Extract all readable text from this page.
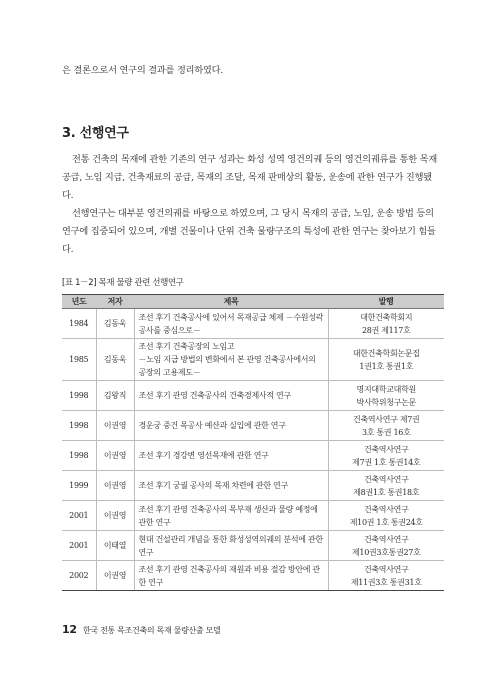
은 결론으로서 연구의 결과를 정리하였다.
3. 선행연구
전통 건축의 목재에 관한 기존의 연구 성과는 화성 성역 영건의궤 등의 영건의궤류를 통한 목재공급, 노임 지급, 건축재료의 공급, 목재의 조달, 목재 판매상의 활동, 운송에 관한 연구가 진행됐다.
선행연구는 대부분 영건의궤를 바탕으로 하였으며, 그 당시 목재의 공급, 노임, 운송 방법 등의 연구에 집중되어 있으며, 개별 건물이나 단위 건축 물량구조의 특성에 관한 연구는 찾아보기 힘들다.
[표 1－2] 목재 물량 관련 선행연구
년도	저자	제목	발행
1984	김동욱	조선 후기 건축공사에 있어서 목재공급 체제 －수원성곽 공사를 중심으로－	대한건축학회지
28권 제117호
1985	김동욱	조선 후기 건축공장의 노임고
－노임 지급 방법의 변화에서 본 관영 건축공사에서의 공장의 고용제도－	대한건축학회논문집
1권1호 통권1호
1998	김왕직	조선 후기 관영 건축공사의 건축경제사적 연구	명지대학교대학원
박사학위청구논문
1998	이권영	경운궁 중건 목공사 예산과 실입에 관한 연구	건축역사연구 제7권
3호 통권 16호
1998	이권영	조선 후기 경강변 영선목재에 관한 연구	건축역사연구
제7권 1호 통권14호
1999	이권영	조선 후기 궁궐 공사의 목재 차련에 관한 연구	건축역사연구
제8권1호 통권18호
2001	이권영	조선 후기 관영 건축공사의 목부재 생산과 물량 예정에 관한 연구	건축역사연구
제10권 1호 통권24호
2001	이태열	현대 건설관리 개념을 통한 화성성역의궤의 분석에 관한 연구	건축역사연구
제10권3호통권27호
2002	이권영	조선 후기 관영 건축공사의 재원과 비용 절감 방안에 관한 연구	건축역사연구
제11권3호 통권31호
12 한국 전통 목조건축의 목재 물량산출 모델
